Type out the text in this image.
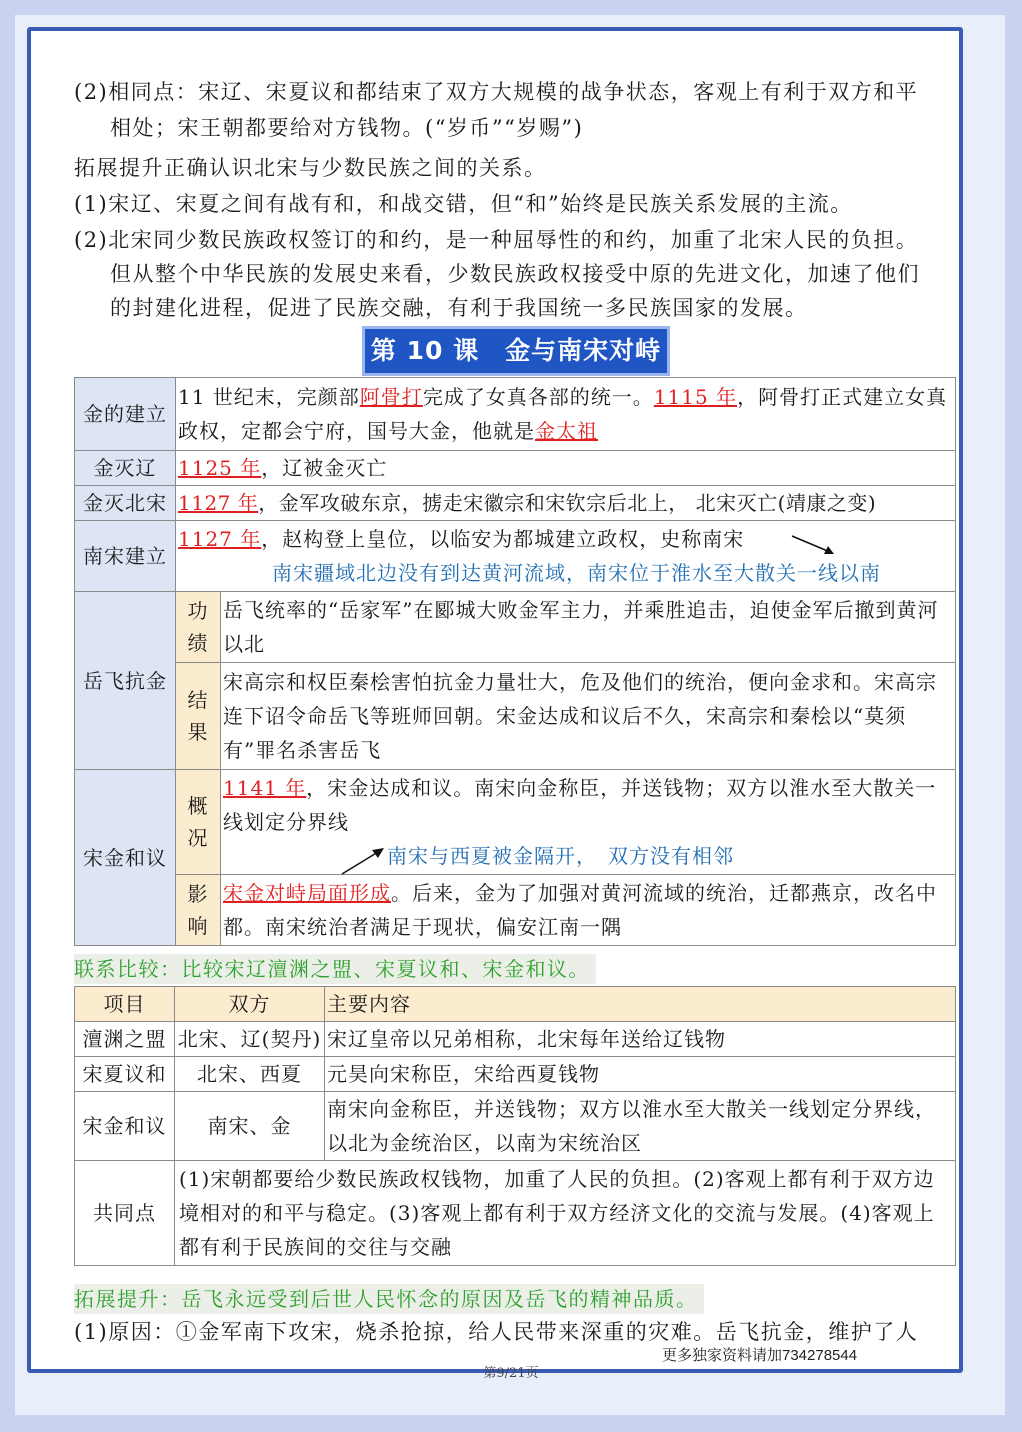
(2)相同点：宋辽、宋夏议和都结束了双方大规模的战争状态，客观上有利于双方和平
相处；宋王朝都要给对方钱物。(“岁币”“岁赐”)
拓展提升正确认识北宋与少数民族之间的关系。
(1)宋辽、宋夏之间有战有和，和战交错，但“和”始终是民族关系发展的主流。
(2)北宋同少数民族政权签订的和约，是一种屈辱性的和约，加重了北宋人民的负担。
但从整个中华民族的发展史来看，少数民族政权接受中原的先进文化，加速了他们
的封建化进程，促进了民族交融，有利于我国统一多民族国家的发展。
第 10 课　金与南宋对峙
金的建立	11 世纪末，完颜部阿骨打完成了女真各部的统一。1115 年，阿骨打正式建立女真政权，定都会宁府，国号大金，他就是金太祖	
金灭辽	1125 年，辽被金灭亡	
金灭北宋	1127 年，金军攻破东京，掳走宋徽宗和宋钦宗后北上， 北宋灭亡(靖康之变)	
南宋建立	1127 年，赵构登上皇位，以临安为都城建立政权，史称南宋
南宋疆域北边没有到达黄河流域，南宋位于淮水至大散关一线以南	

岳飞抗金	功绩	岳飞统率的“岳家军”在郾城大败金军主力，并乘胜追击，迫使金军后撤到黄河以北

	结果	宋高宗和权臣秦桧害怕抗金力量壮大，危及他们的统治，便向金求和。宋高宗连下诏令命岳飞等班师回朝。宋金达成和议后不久，宋高宗和秦桧以“莫须有”罪名杀害岳飞
宋金和议	概况	1141 年，宋金达成和议。南宋向金称臣，并送钱物；双方以淮水至大散关一线划定分界线
南宋与西夏被金隔开，　双方没有相邻

	影响	宋金对峙局面形成。后来，金为了加强对黄河流域的统治，迁都燕京，改名中都。南宋统治者满足于现状，偏安江南一隅
联系比较：比较宋辽澶渊之盟、宋夏议和、宋金和议。
项目	双方	主要内容
澶渊之盟	北宋、辽(契丹)	宋辽皇帝以兄弟相称，北宋每年送给辽钱物
宋夏议和	北宋、西夏	元昊向宋称臣，宋给西夏钱物
宋金和议	南宋、金	南宋向金称臣，并送钱物；双方以淮水至大散关一线划定分界线，以北为金统治区，以南为宋统治区
共同点	(1)宋朝都要给少数民族政权钱物，加重了人民的负担。(2)客观上都有利于双方边境相对的和平与稳定。(3)客观上都有利于双方经济文化的交流与发展。(4)客观上都有利于民族间的交往与交融	
拓展提升：岳飞永远受到后世人民怀念的原因及岳飞的精神品质。
(1)原因：①金军南下攻宋，烧杀抢掠，给人民带来深重的灾难。岳飞抗金，维护了人
更多独家资料请加734278544
第9/21页
